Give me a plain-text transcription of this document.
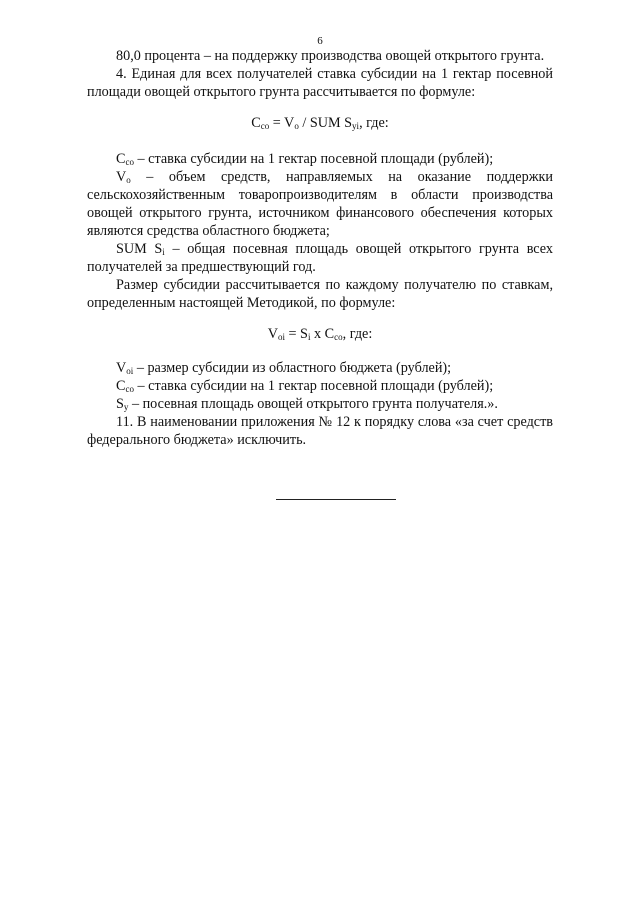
6

80,0 процента – на поддержку производства овощей открытого грунта.

4. Единая для всех получателей ставка субсидии на 1 гектар посевной площади овощей открытого грунта рассчитывается по формуле:

$C_{co} = V_o$ / SUM $S_{yi}$, где:

$C_{co}$ – ставка субсидии на 1 гектар посевной площади (рублей);

$V_o$ – объем средств, направляемых на оказание поддержки сельскохозяйственным товаропроизводителям в области производства овощей открытого грунта, источником финансового обеспечения которых являются средства областного бюджета;

SUM $S_i$ – общая посевная площадь овощей открытого грунта всех получателей за предшествующий год.

Размер субсидии рассчитывается по каждому получателю по ставкам, определенным настоящей Методикой, по формуле:

$V_{oi} = S_i$ x $C_{co}$, где:

$V_{oi}$ – размер субсидии из областного бюджета (рублей);

$C_{co}$ – ставка субсидии на 1 гектар посевной площади (рублей);

$S_y$ – посевная площадь овощей открытого грунта получателя.».

11. В наименовании приложения № 12 к порядку слова «за счет средств федерального бюджета» исключить.
